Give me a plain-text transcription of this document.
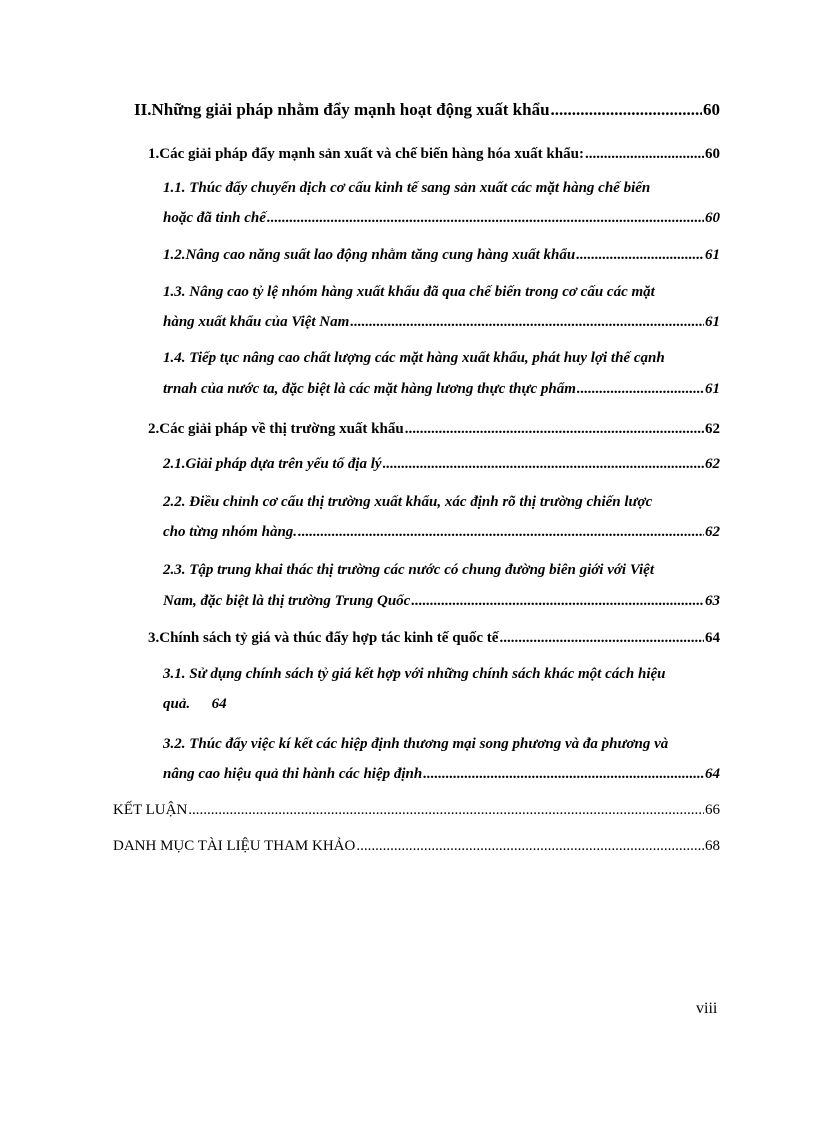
II. Những giải pháp nhằm đẩy mạnh hoạt động xuất khẩu .....	60
1. Các giải pháp đẩy mạnh sản xuất và chế biến hàng hóa xuất khẩu: .....	60
1.1. Thúc đẩy chuyển dịch cơ cấu kinh tế sang sản xuất các mặt hàng chế biến
hoặc đã tinh chế .....	60
1.2. Nâng cao năng suất lao động nhằm tăng cung hàng xuất khẩu .....	61
1.3. Nâng cao tỷ lệ nhóm hàng xuất khẩu đã qua chế biến trong cơ cấu các mặt
hàng xuất khẩu của Việt Nam .....	61
1.4. Tiếp tục nâng cao chất lượng các mặt hàng xuất khẩu, phát huy lợi thế cạnh
trnah của nước ta, đặc biệt là các mặt hàng lương thực thực phẩm .....	61
2. Các giải pháp về thị trường xuất khẩu .....	62
2.1. Giải pháp dựa trên yếu tố địa lý .....	62
2.2. Điều chỉnh cơ cấu thị trường xuất khẩu, xác định rõ thị trường chiến lược
cho từng nhóm hàng. .....	62
2.3. Tập trung khai thác thị trường các nước có chung đường biên giới với Việt
Nam, đặc biệt là thị trường Trung Quốc .....	63
3. Chính sách tỷ giá và thúc đẩy hợp tác kinh tế quốc tế .....	64
3.1. Sử dụng chính sách tỷ giá kết hợp với những chính sách khác một cách hiệu
quả. 64
3.2. Thúc đẩy việc kí kết các hiệp định thương mại song phương và đa phương và
nâng cao hiệu quả thi hành các hiệp định .....	64
KẾT LUẬN .....	66
DANH MỤC TÀI LIỆU THAM KHẢO .....	68
viii
